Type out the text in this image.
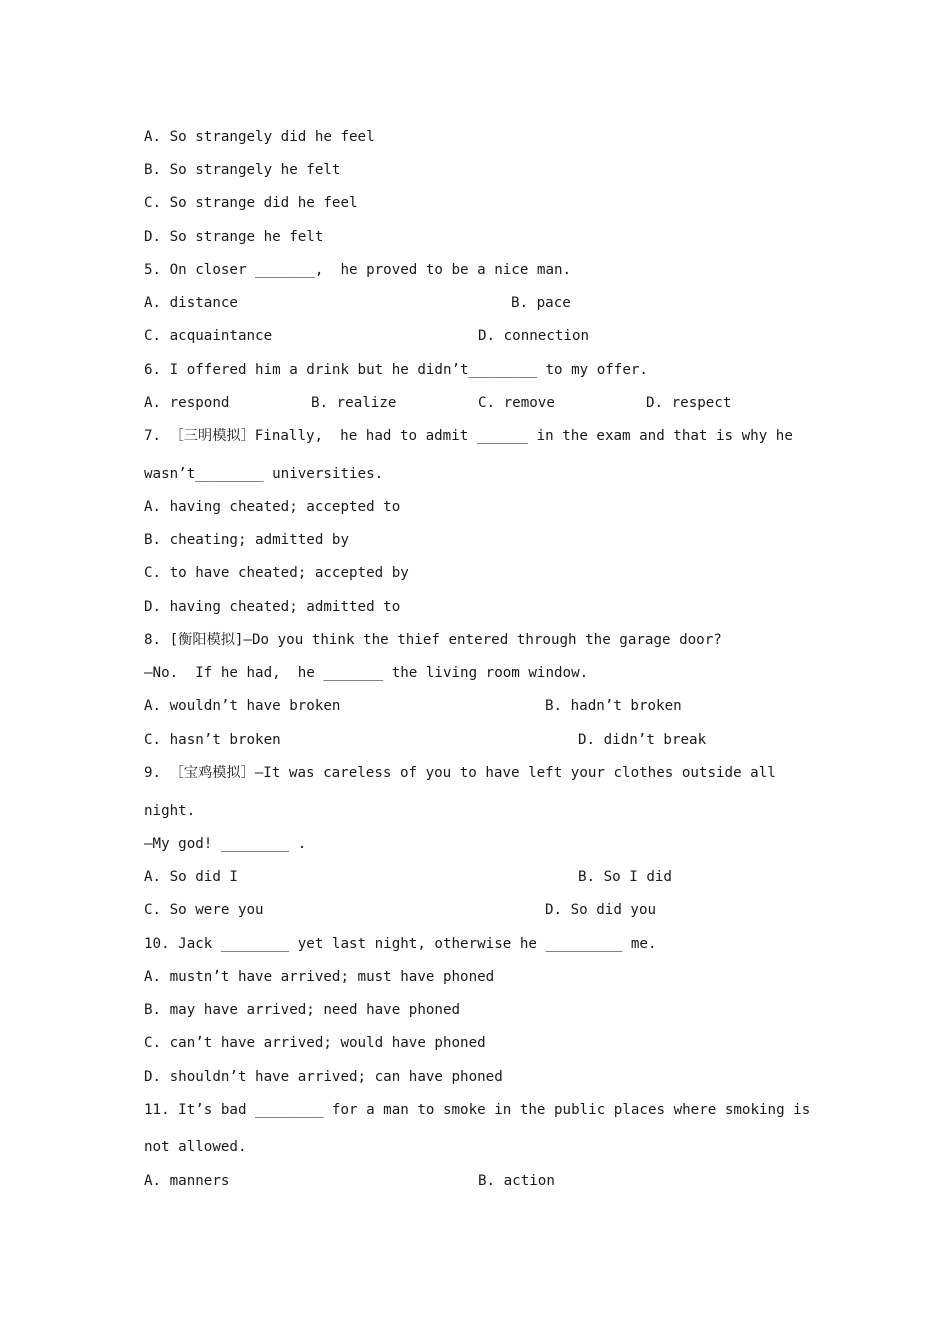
A. So strangely did he feel
B. So strangely he felt
C. So strange did he feel
D. So strange he felt
5. On closer _______,  he proved to be a nice man.
A. distance	B. pace
C. acquaintance	D. connection
6. I offered him a drink but he didn’t________ to my offer.
A. respond	B. realize	C. remove	D. respect
7. ［三明模拟］Finally,  he had to admit ______ in the exam and that is why he
wasn’t________ universities.
A. having cheated; accepted to
B. cheating; admitted by
C. to have cheated; accepted by
D. having cheated; admitted to
8. [衡阳模拟]—Do you think the thief entered through the garage door?
—No.  If he had,  he _______ the living room window.
A. wouldn’t have broken	B. hadn’t broken
C. hasn’t broken	D. didn’t break
9. ［宝鸡模拟］—It was careless of you to have left your clothes outside all
night.
—My god! ________ .
A. So did I	B. So I did
C. So were you	D. So did you
10. Jack ________ yet last night, otherwise he _________ me.
A. mustn’t have arrived; must have phoned
B. may have arrived; need have phoned
C. can’t have arrived; would have phoned
D. shouldn’t have arrived; can have phoned
11. It’s bad ________ for a man to smoke in the public places where smoking is
not allowed.
A. manners	B. action
